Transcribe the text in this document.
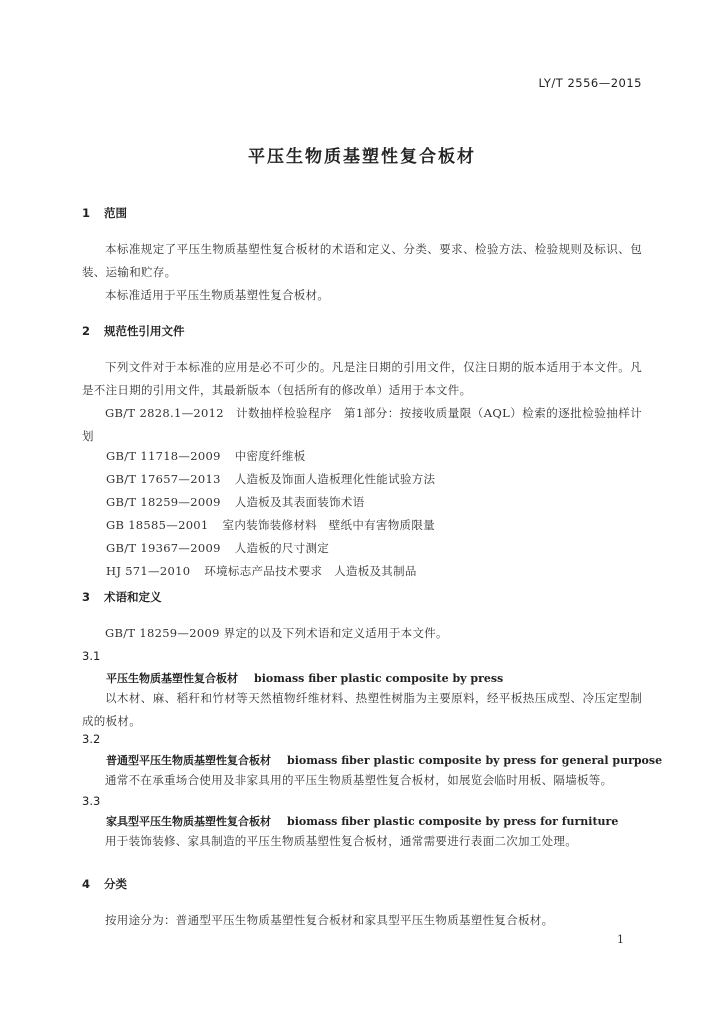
LY/T 2556—2015
平压生物质基塑性复合板材
1 范围

本标准规定了平压生物质基塑性复合板材的术语和定义、分类、要求、检验方法、检验规则及标识、包装、运输和贮存。

本标准适用于平压生物质基塑性复合板材。

2 规范性引用文件

下列文件对于本标准的应用是必不可少的。凡是注日期的引用文件，仅注日期的版本适用于本文件。凡是不注日期的引用文件，其最新版本（包括所有的修改单）适用于本文件。

GB/T 2828.1—2012　计数抽样检验程序　第1部分：按接收质量限（AQL）检索的逐批检验抽样计划

GB/T 11718—2009 中密度纤维板
GB/T 17657—2013 人造板及饰面人造板理化性能试验方法
GB/T 18259—2009 人造板及其表面装饰术语
GB 18585—2001 室内装饰装修材料　壁纸中有害物质限量
GB/T 19367—2009 人造板的尺寸测定
HJ 571—2010 环境标志产品技术要求　人造板及其制品
3 术语和定义

GB/T 18259—2009 界定的以及下列术语和定义适用于本文件。

3.1
平压生物质基塑性复合板材 biomass fiber plastic composite by press

以木材、麻、稻秆和竹材等天然植物纤维材料、热塑性树脂为主要原料，经平板热压成型、冷压定型制成的板材。

3.2
普通型平压生物质基塑性复合板材 biomass fiber plastic composite by press for general purpose

通常不在承重场合使用及非家具用的平压生物质基塑性复合板材，如展览会临时用板、隔墙板等。

3.3
家具型平压生物质基塑性复合板材 biomass fiber plastic composite by press for furniture

用于装饰装修、家具制造的平压生物质基塑性复合板材，通常需要进行表面二次加工处理。

4 分类

按用途分为：普通型平压生物质基塑性复合板材和家具型平压生物质基塑性复合板材。

1
